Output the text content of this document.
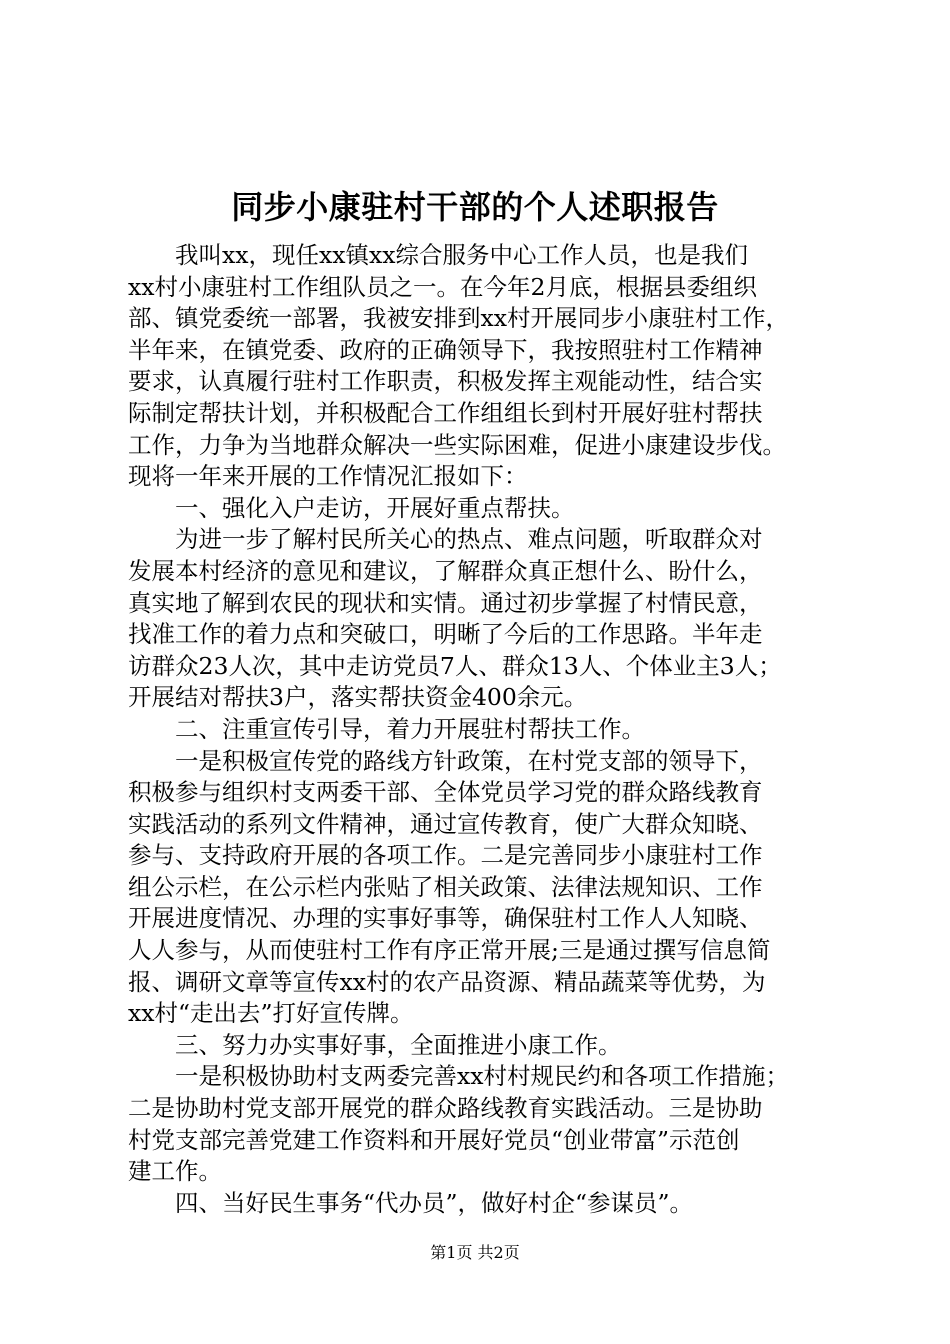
同步小康驻村干部的个人述职报告
　　我叫xx，现任xx镇xx综合服务中心工作人员，也是我们
xx村小康驻村工作组队员之一。在今年2月底，根据县委组织
部、镇党委统一部署，我被安排到xx村开展同步小康驻村工作，
半年来，在镇党委、政府的正确领导下，我按照驻村工作精神
要求，认真履行驻村工作职责，积极发挥主观能动性，结合实
际制定帮扶计划，并积极配合工作组组长到村开展好驻村帮扶
工作，力争为当地群众解决一些实际困难，促进小康建设步伐。
现将一年来开展的工作情况汇报如下：
　　一、强化入户走访，开展好重点帮扶。
　　为进一步了解村民所关心的热点、难点问题，听取群众对
发展本村经济的意见和建议，了解群众真正想什么、盼什么，
真实地了解到农民的现状和实情。通过初步掌握了村情民意，
找准工作的着力点和突破口，明晰了今后的工作思路。半年走
访群众23人次，其中走访党员7人、群众13人、个体业主3人；
开展结对帮扶3户，落实帮扶资金400余元。
　　二、注重宣传引导，着力开展驻村帮扶工作。
　　一是积极宣传党的路线方针政策，在村党支部的领导下，
积极参与组织村支两委干部、全体党员学习党的群众路线教育
实践活动的系列文件精神，通过宣传教育，使广大群众知晓、
参与、支持政府开展的各项工作。二是完善同步小康驻村工作
组公示栏，在公示栏内张贴了相关政策、法律法规知识、工作
开展进度情况、办理的实事好事等，确保驻村工作人人知晓、
人人参与，从而使驻村工作有序正常开展;三是通过撰写信息简
报、调研文章等宣传xx村的农产品资源、精品蔬菜等优势，为
xx村“走出去”打好宣传牌。
　　三、努力办实事好事，全面推进小康工作。
　　一是积极协助村支两委完善xx村村规民约和各项工作措施；
二是协助村党支部开展党的群众路线教育实践活动。三是协助
村党支部完善党建工作资料和开展好党员“创业带富”示范创
建工作。
　　四、当好民生事务“代办员”，做好村企“参谋员”。
第1页 共2页
